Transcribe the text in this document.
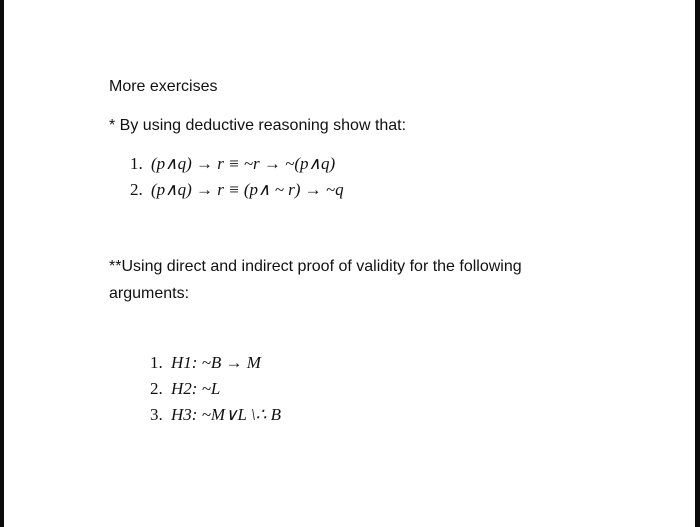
More exercises
* By using deductive reasoning show that:
1. (p∧q) → r ≡ ~r → ~(p∧q)
2. (p∧q) → r ≡ (p∧ ~ r) → ~q
**Using direct and indirect proof of validity for the following arguments:
1. H1: ~B → M
2. H2: ~L
3. H3: ~M∨L \∴ B
